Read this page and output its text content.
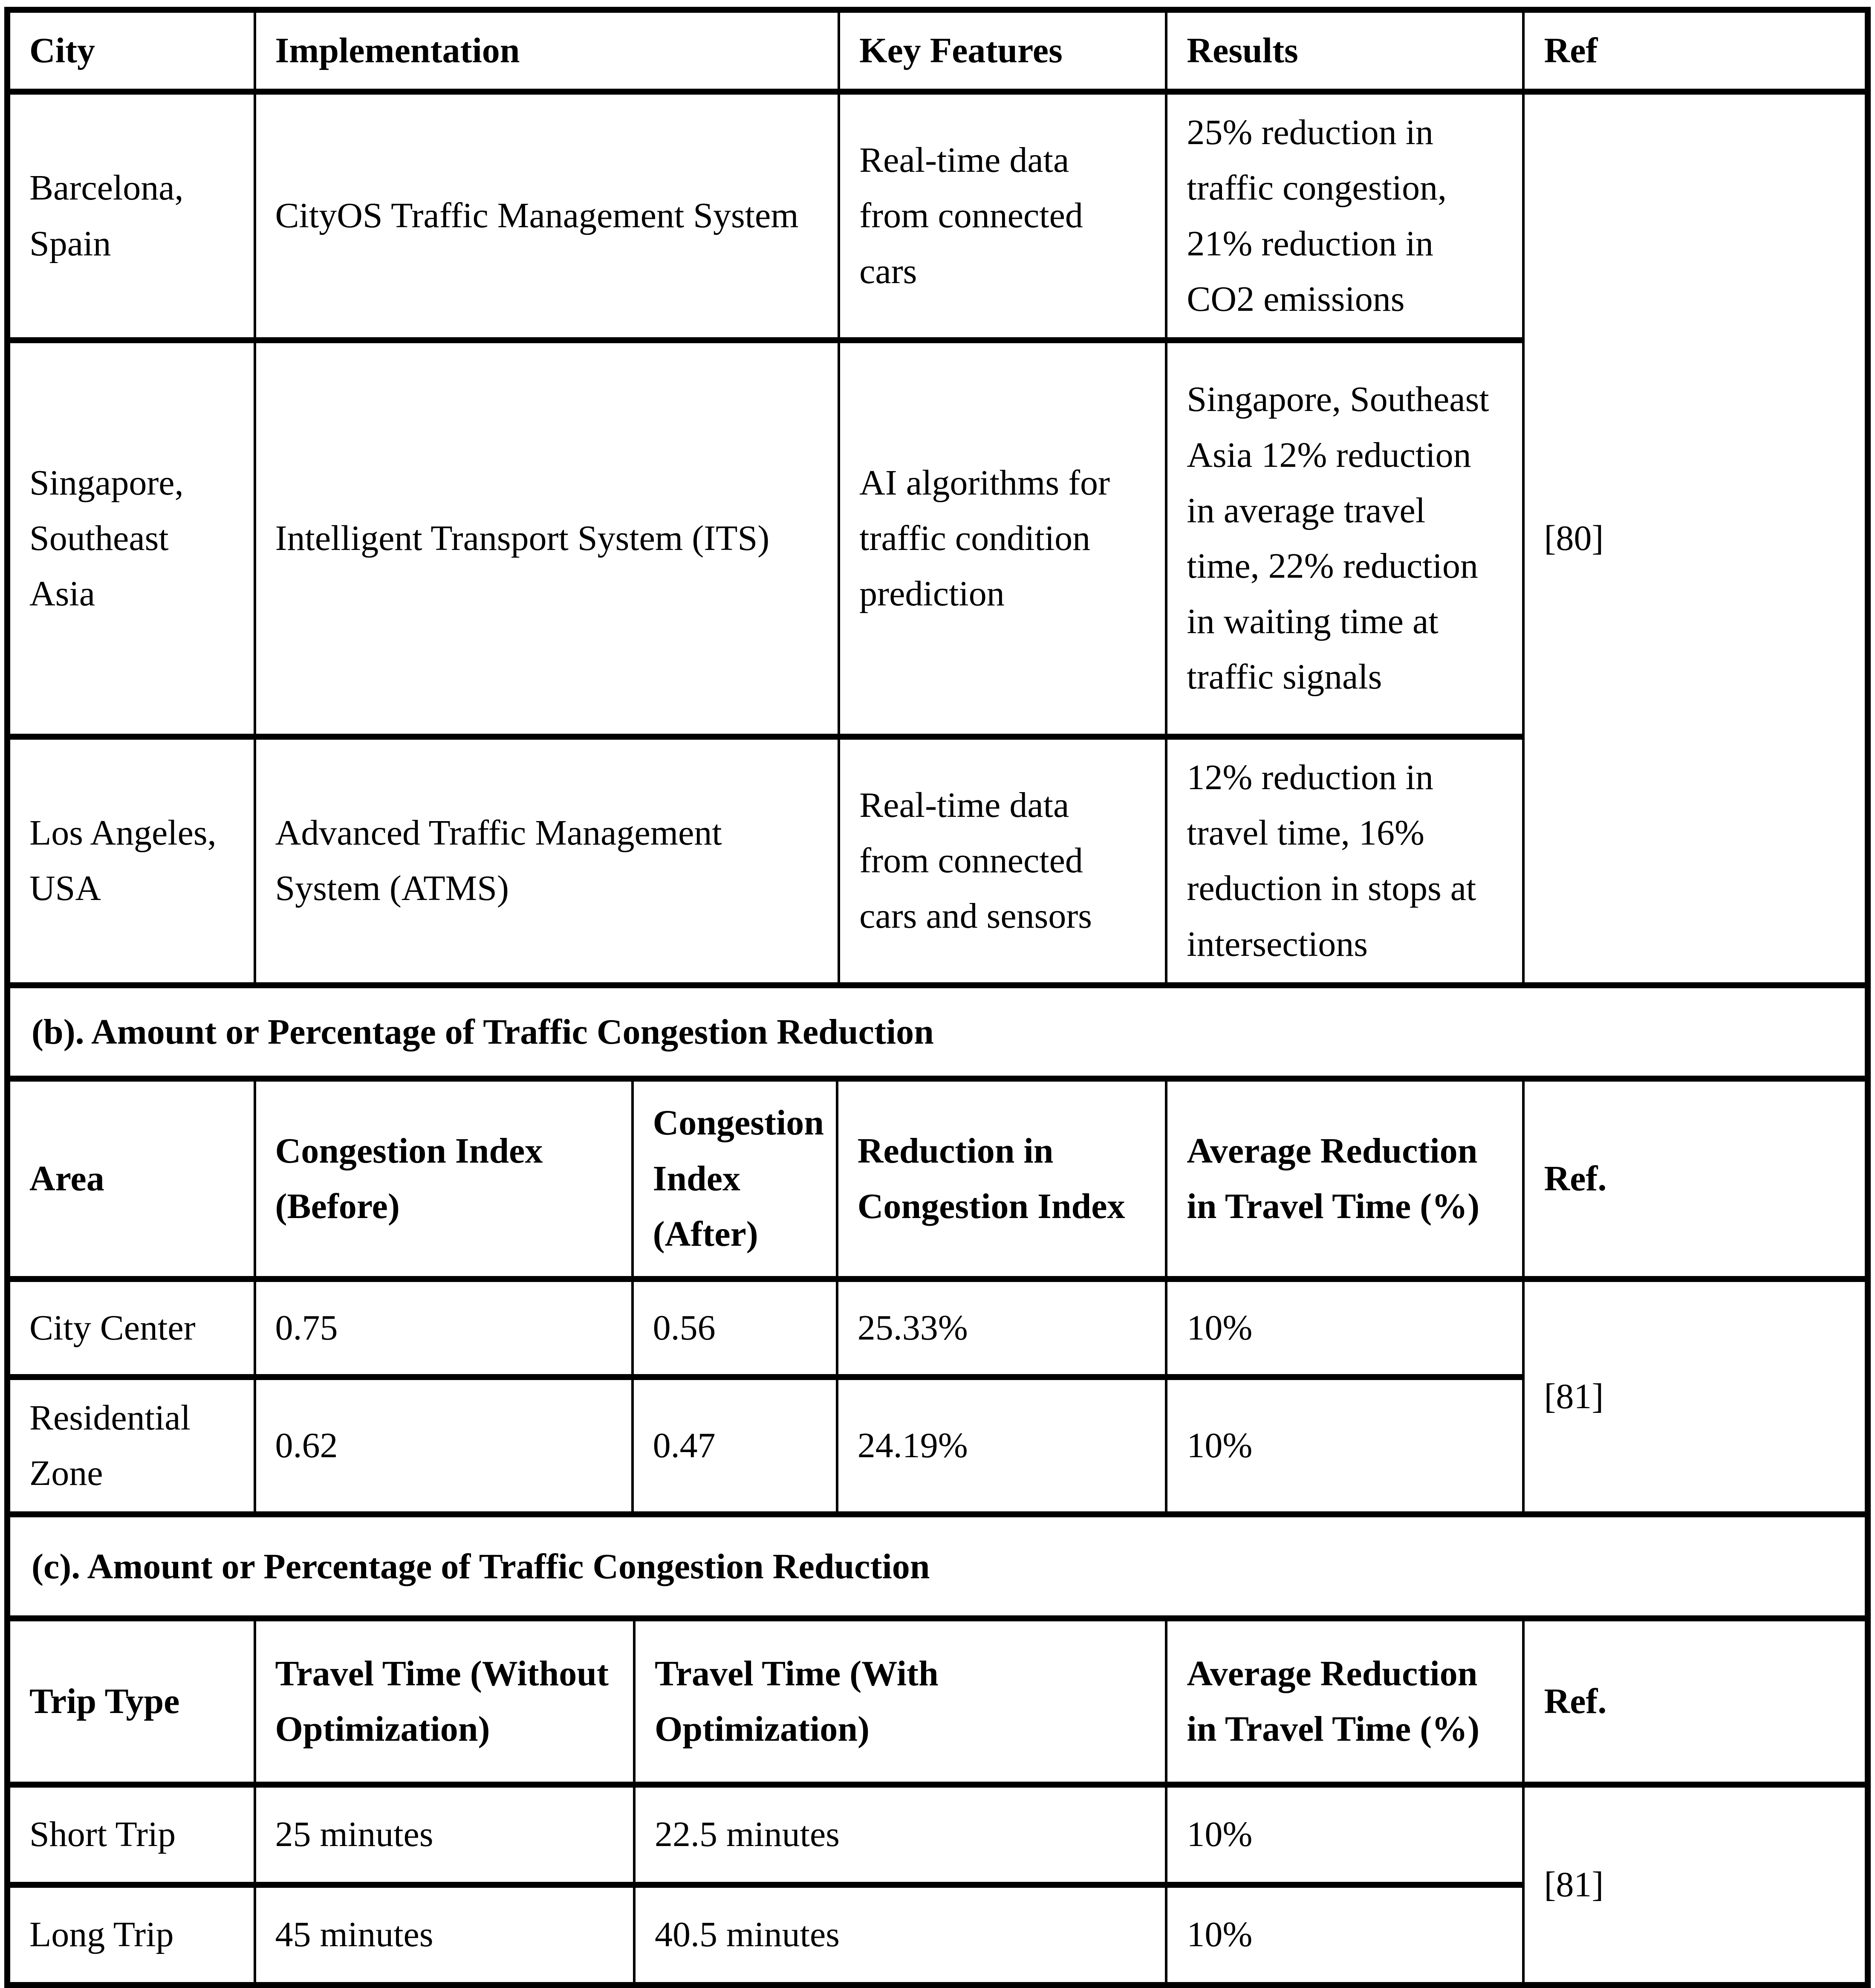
City	Implementation	Key Features	Results	Ref
Barcelona, Spain	CityOS Traffic Management System	Real-time data from connected cars	25% reduction in traffic congestion, 21% reduction in CO2 emissions	[80]
Singapore, Southeast Asia	Intelligent Transport System (ITS)	AI algorithms for traffic condition prediction	Singapore, Southeast Asia 12% reduction in average travel time, 22% reduction in waiting time at traffic signals	
Los Angeles, USA	Advanced Traffic Management System (ATMS)	Real-time data from connected cars and sensors	12% reduction in travel time, 16% reduction in stops at intersections	
(b). Amount or Percentage of Traffic Congestion Reduction
Area	Congestion Index (Before)	Congestion Index (After)	Reduction in Congestion Index	Average Reduction in Travel Time (%)	Ref.
City Center	0.75	0.56	25.33%	10%	[81]
Residential Zone	0.62	0.47	24.19%	10%	
(c). Amount or Percentage of Traffic Congestion Reduction
Trip Type	Travel Time (Without Optimization)	Travel Time (With Optimization)	Average Reduction in Travel Time (%)	Ref.
Short Trip	25 minutes	22.5 minutes	10%	[81]
Long Trip	45 minutes	40.5 minutes	10%	
